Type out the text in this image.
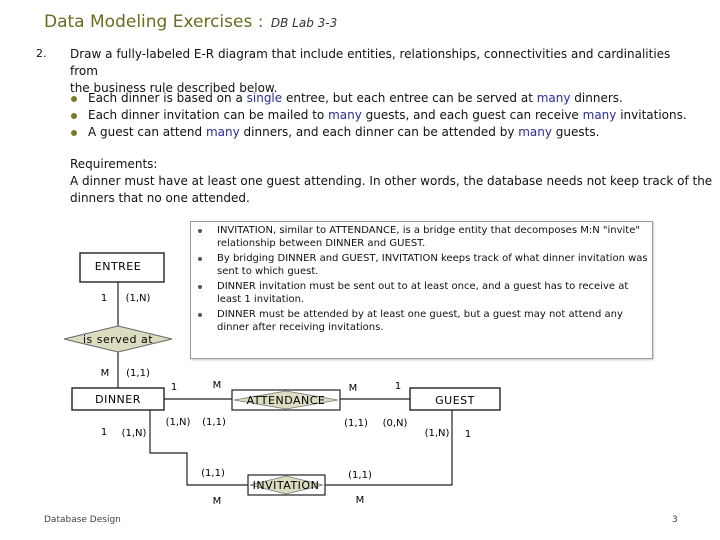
Data Modeling Exercises : DB Lab 3-3
2. Draw a fully-labeled E-R diagram that include entities, relationships, connectivities and cardinalities from
the business rule described below.
Each dinner is based on a single entree, but each entree can be served at many dinners.
Each dinner invitation can be mailed to many guests, and each guest can receive many invitations.
A guest can attend many dinners, and each dinner can be attended by many guests.
Requirements:
A dinner must have at least one guest attending. In other words, the database needs not keep track of the
dinners that no one attended.
ENTREE
is served at
DINNER	ATTENDANCE	GUEST
INVITATION
1 (1,N)
M (1,1)
1	M	M	1
1 (1,N)
(1,N) (1,1)	(1,1) (0,N)
(1,N) 1
(1,1)
M
(1,1)
M
INVITATION, similar to ATTENDANCE, is a bridge entity that decomposes M:N "invite" relationship between DINNER and GUEST.
By bridging DINNER and GUEST, INVITATION keeps track of what dinner invitation was sent to which guest.
DINNER invitation must be sent out to at least once, and a guest has to receive at least 1 invitation.
DINNER must be attended by at least one guest, but a guest may not attend any dinner after receiving invitations.
Database Design	3
